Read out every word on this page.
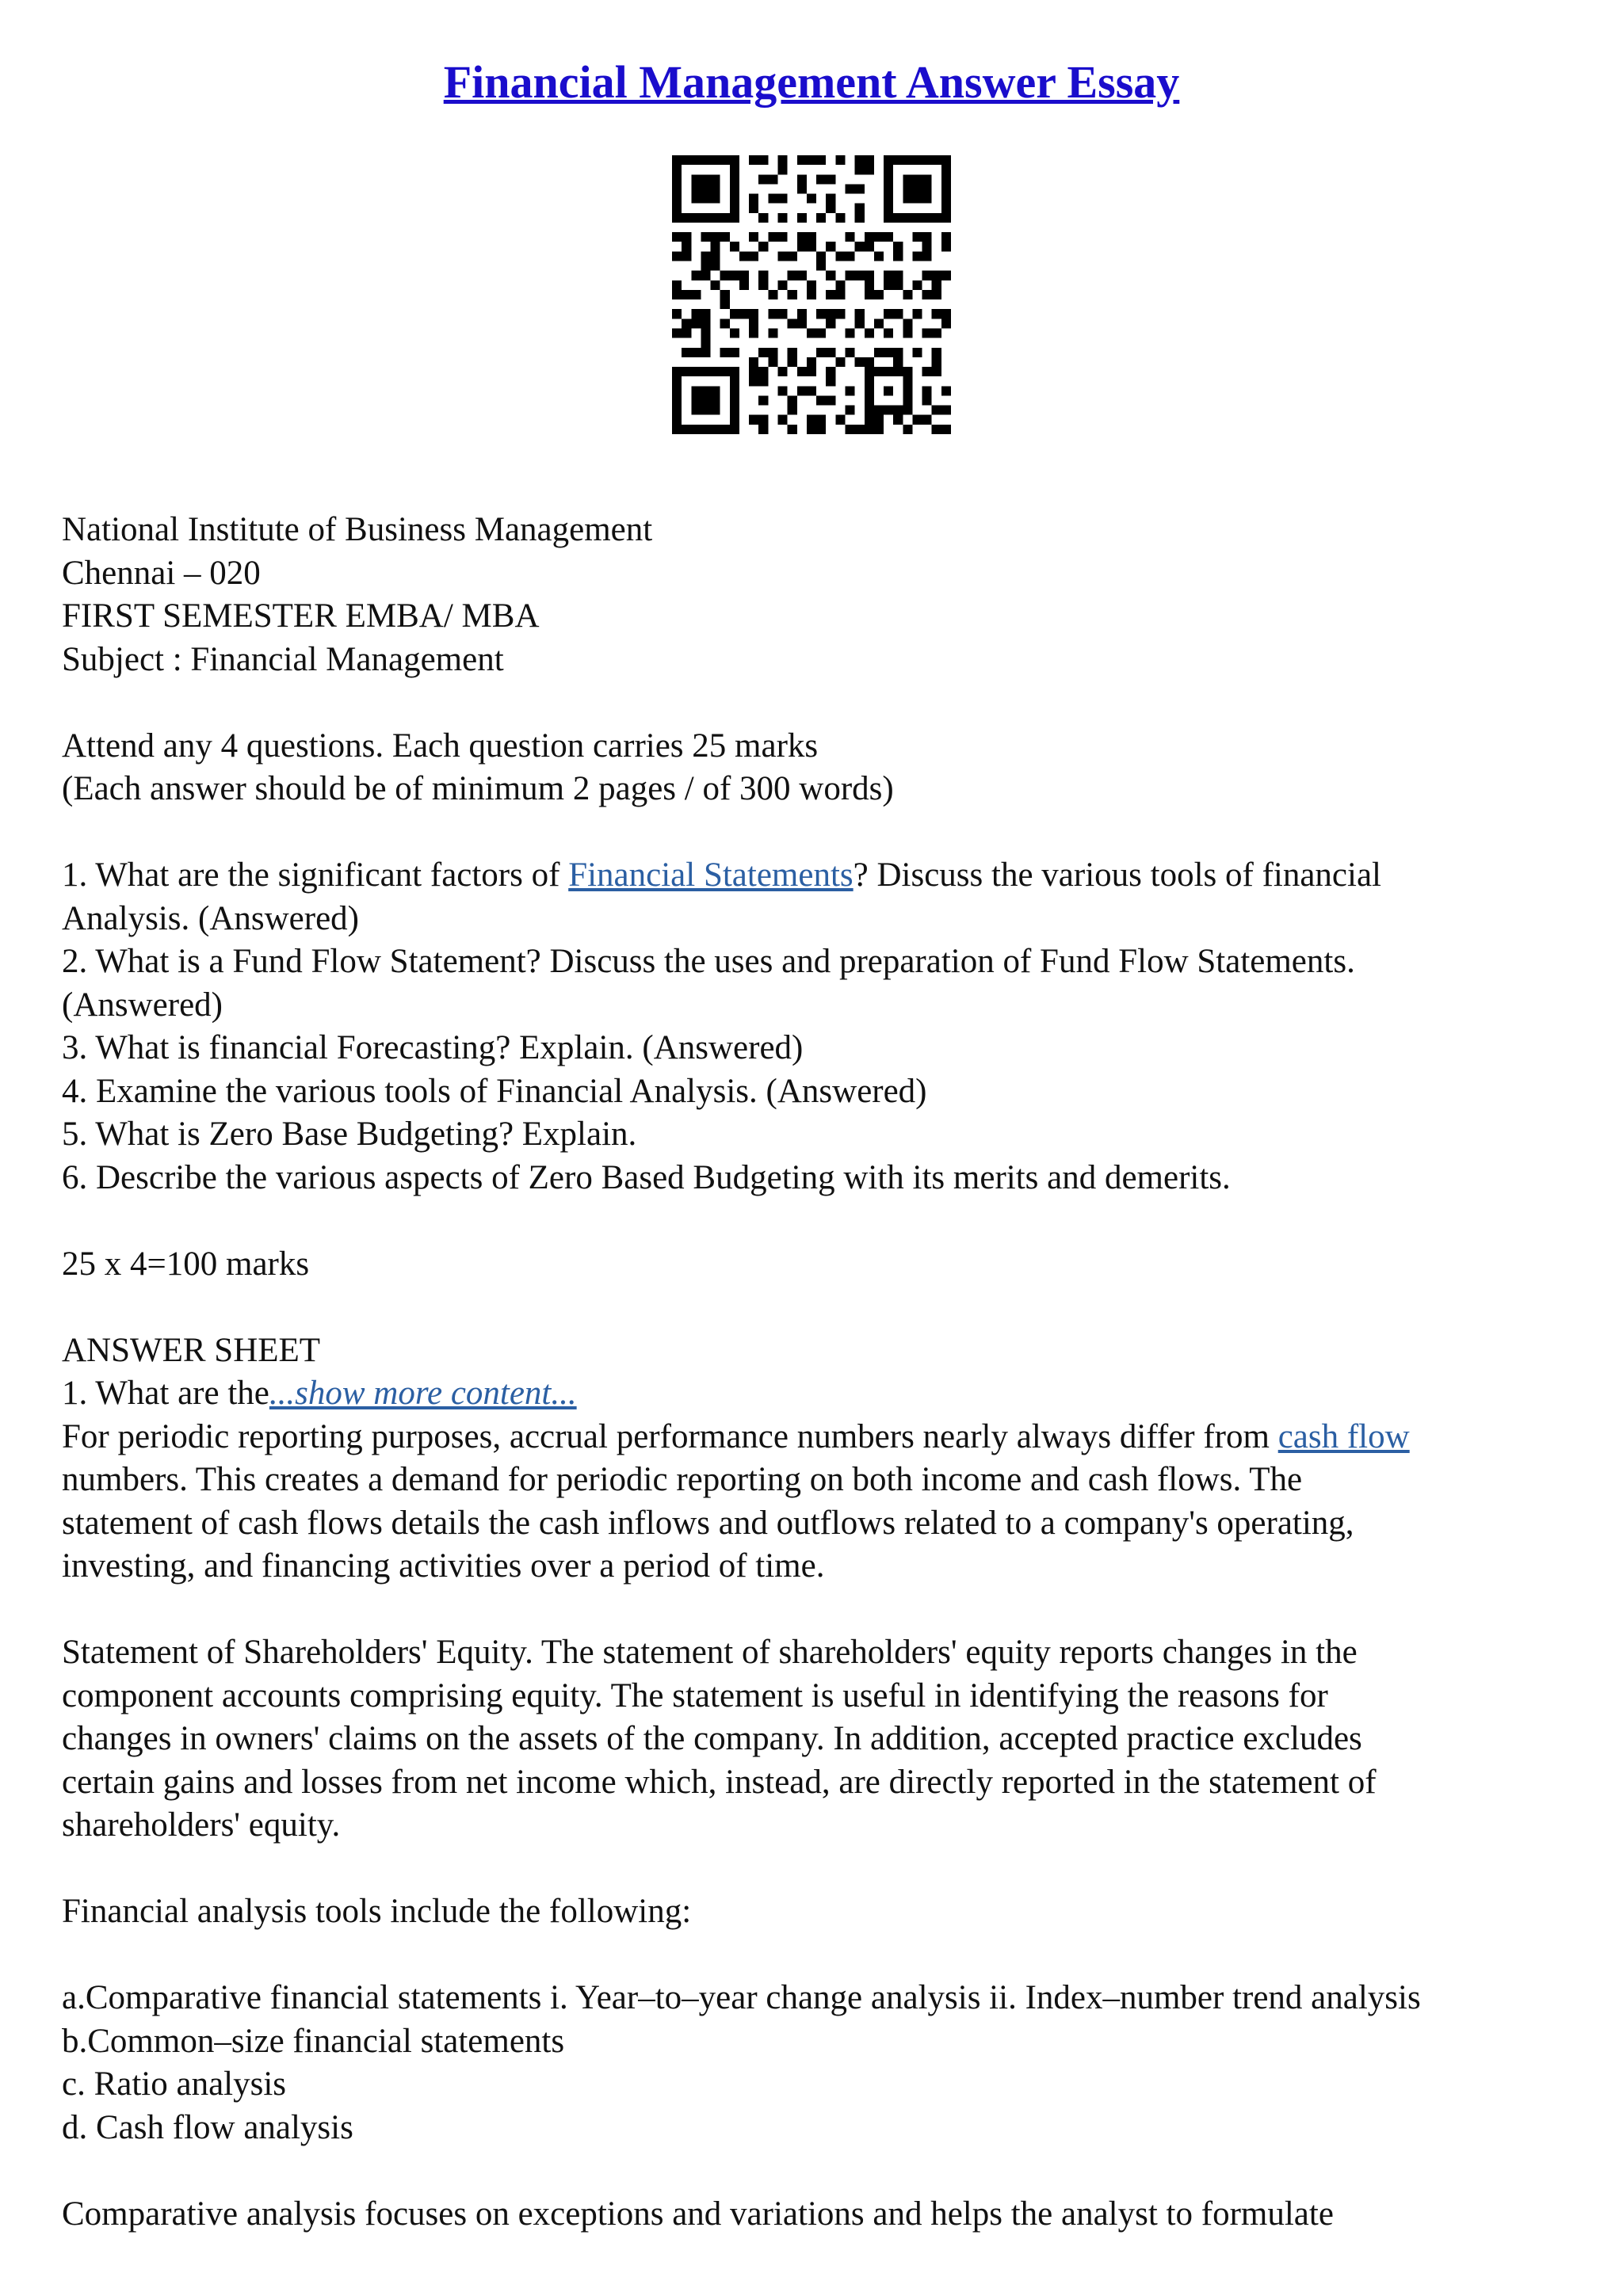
Financial Management Answer Essay
National Institute of Business Management
Chennai – 020
FIRST SEMESTER EMBA/ MBA
Subject : Financial Management
Attend any 4 questions. Each question carries 25 marks
(Each answer should be of minimum 2 pages / of 300 words)
1. What are the significant factors of Financial Statements? Discuss the various tools of financial
Analysis. (Answered)
2. What is a Fund Flow Statement? Discuss the uses and preparation of Fund Flow Statements.
(Answered)
3. What is financial Forecasting? Explain. (Answered)
4. Examine the various tools of Financial Analysis. (Answered)
5. What is Zero Base Budgeting? Explain.
6. Describe the various aspects of Zero Based Budgeting with its merits and demerits.
25 x 4=100 marks
ANSWER SHEET
1. What are the...show more content...
For periodic reporting purposes, accrual performance numbers nearly always differ from cash flow
numbers. This creates a demand for periodic reporting on both income and cash flows. The
statement of cash flows details the cash inflows and outflows related to a company's operating,
investing, and financing activities over a period of time.
Statement of Shareholders' Equity. The statement of shareholders' equity reports changes in the
component accounts comprising equity. The statement is useful in identifying the reasons for
changes in owners' claims on the assets of the company. In addition, accepted practice excludes
certain gains and losses from net income which, instead, are directly reported in the statement of
shareholders' equity.
Financial analysis tools include the following:
a.Comparative financial statements i. Year–to–year change analysis ii. Index–number trend analysis
b.Common–size financial statements
c. Ratio analysis
d. Cash flow analysis
Comparative analysis focuses on exceptions and variations and helps the analyst to formulate
